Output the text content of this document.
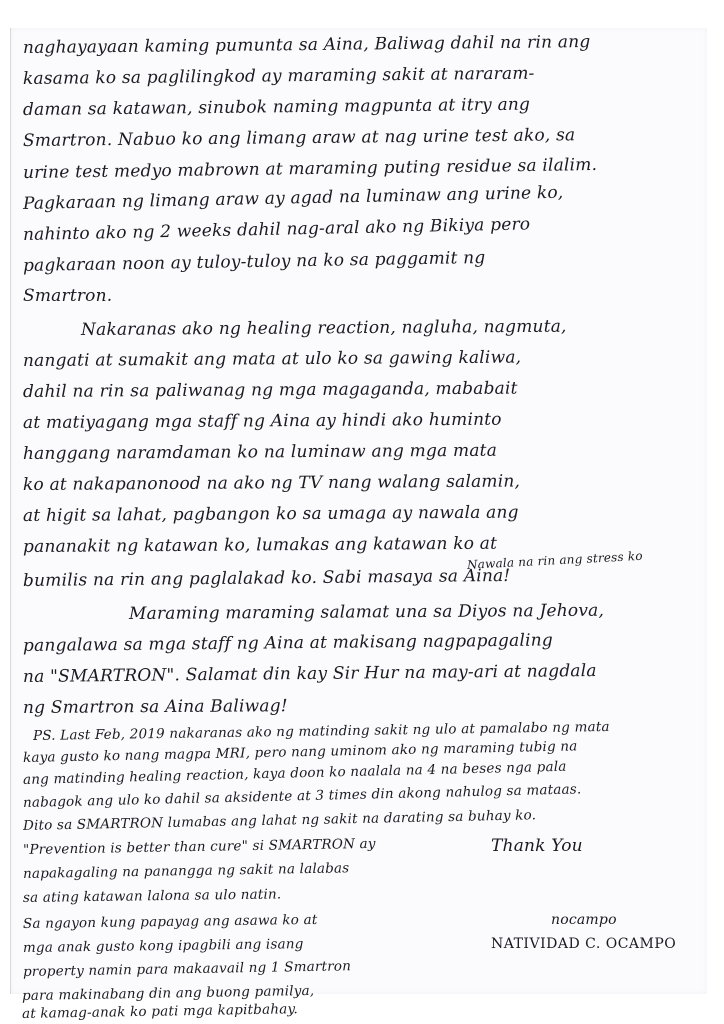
naghayayaan kaming pumunta sa Aina, Baliwag dahil na rin ang
kasama ko sa paglilingkod ay maraming sakit at nararam-
daman sa katawan, sinubok naming magpunta at itry ang
Smartron. Nabuo ko ang limang araw at nag urine test ako, sa
urine test medyo mabrown at maraming puting residue sa ilalim.
Pagkaraan ng limang araw ay agad na luminaw ang urine ko,
nahinto ako ng 2 weeks dahil nag-aral ako ng Bikiya pero
pagkaraan noon ay tuloy-tuloy na ko sa paggamit ng
Smartron.
Nakaranas ako ng healing reaction, nagluha, nagmuta,
nangati at sumakit ang mata at ulo ko sa gawing kaliwa,
dahil na rin sa paliwanag ng mga magaganda, mababait
at matiyagang mga staff ng Aina ay hindi ako huminto
hanggang naramdaman ko na luminaw ang mga mata
ko at nakapanonood na ako ng TV nang walang salamin,
at higit sa lahat, pagbangon ko sa umaga ay nawala ang
pananakit ng katawan ko, lumakas ang katawan ko at
Nawala na rin ang stress ko
bumilis na rin ang paglalakad ko. Sabi masaya sa Aina!
Maraming maraming salamat una sa Diyos na Jehova,
pangalawa sa mga staff ng Aina at makisang nagpapagaling
na "SMARTRON". Salamat din kay Sir Hur na may-ari at nagdala
ng Smartron sa Aina Baliwag!
PS. Last Feb, 2019 nakaranas ako ng matinding sakit ng ulo at pamalabo ng mata
kaya gusto ko nang magpa MRI, pero nang uminom ako ng maraming tubig na
ang matinding healing reaction, kaya doon ko naalala na 4 na beses nga pala
nabagok ang ulo ko dahil sa aksidente at 3 times din akong nahulog sa mataas.
Dito sa SMARTRON lumabas ang lahat ng sakit na darating sa buhay ko.
"Prevention is better than cure" si SMARTRON ay
napakagaling na panangga ng sakit na lalabas
sa ating katawan lalona sa ulo natin.
Sa ngayon kung papayag ang asawa ko at
mga anak gusto kong ipagbili ang isang
property namin para makaavail ng 1 Smartron
Thank You
nocampo
NATIVIDAD C. OCAMPO
para makinabang din ang buong pamilya,
at kamag-anak ko pati mga kapitbahay.
